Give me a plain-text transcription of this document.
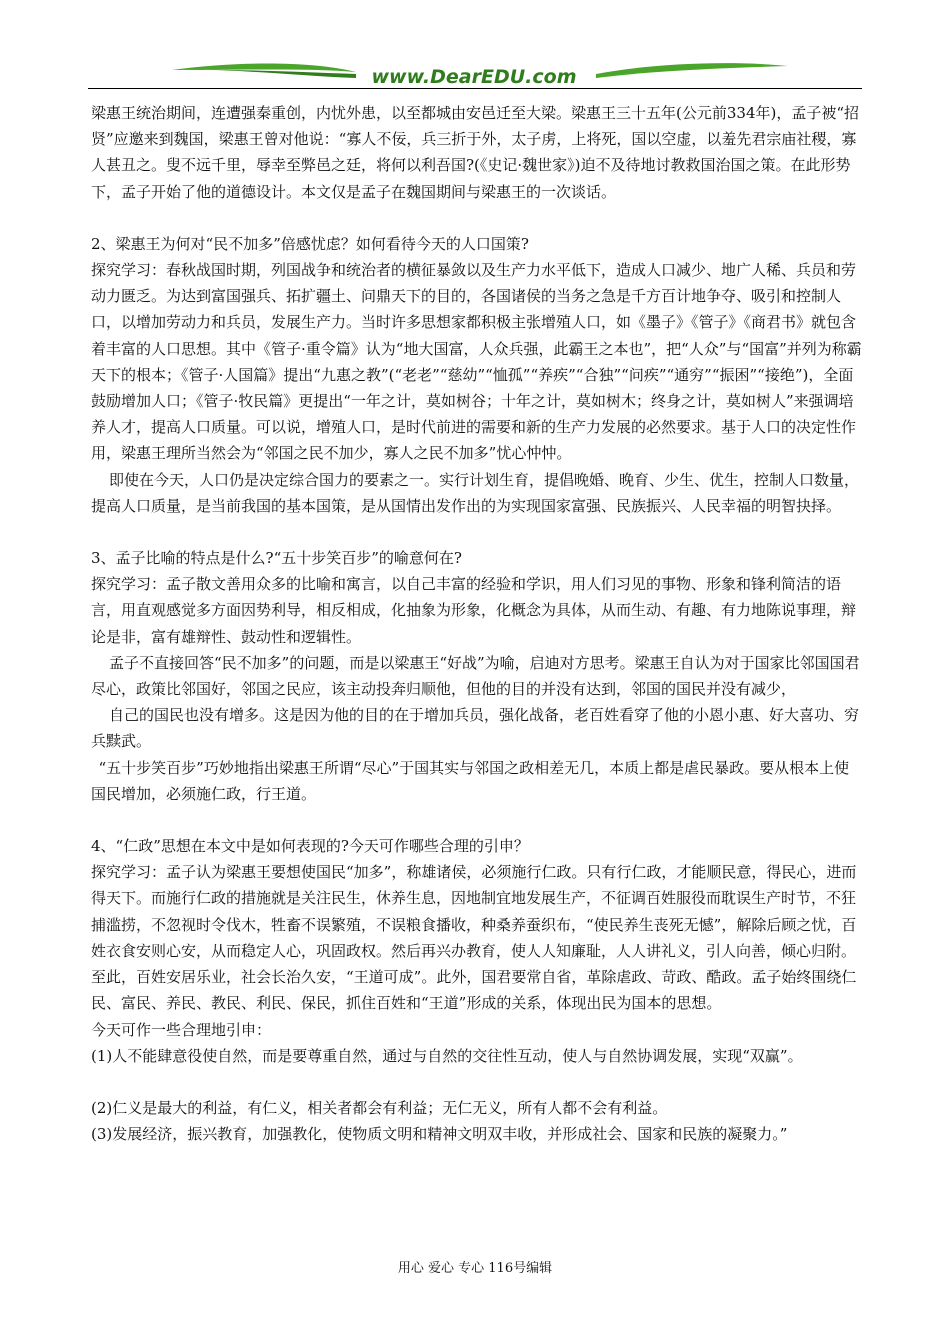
www.DearEDU.com

梁惠王统治期间，连遭强秦重创，内忧外患，以至都城由安邑迁至大梁。梁惠王三十五年(公元前334年)，孟子被“招贤”应邀来到魏国，梁惠王曾对他说：“寡人不佞，兵三折于外，太子虏，上将死，国以空虚，以羞先君宗庙社稷，寡人甚丑之。叟不远千里，辱幸至弊邑之廷，将何以利吾国?(《史记·魏世家》)迫不及待地讨教救国治国之策。在此形势下，孟子开始了他的道德设计。本文仅是孟子在魏国期间与梁惠王的一次谈话。

2、梁惠王为何对“民不加多”倍感忧虑？如何看待今天的人口国策?

探究学习：春秋战国时期，列国战争和统治者的横征暴敛以及生产力水平低下，造成人口减少、地广人稀、兵员和劳动力匮乏。为达到富国强兵、拓扩疆土、问鼎天下的目的，各国诸侯的当务之急是千方百计地争夺、吸引和控制人口，以增加劳动力和兵员，发展生产力。当时许多思想家都积极主张增殖人口，如《墨子》《管子》《商君书》就包含着丰富的人口思想。其中《管子·重令篇》认为“地大国富，人众兵强，此霸王之本也”，把“人众”与“国富”并列为称霸天下的根本；《管子·人国篇》提出“九惠之教”(“老老”“慈幼”“恤孤”“养疾”“合独”“问疾”“通穷”“振困”“接绝”)，全面鼓励增加人口；《管子·牧民篇》更提出“一年之计，莫如树谷；十年之计，莫如树木；终身之计，莫如树人”来强调培养人才，提高人口质量。可以说，增殖人口，是时代前进的需要和新的生产力发展的必然要求。基于人口的决定性作用，梁惠王理所当然会为“邻国之民不加少，寡人之民不加多”忧心忡忡。

即使在今天，人口仍是决定综合国力的要素之一。实行计划生育，提倡晚婚、晚育、少生、优生，控制人口数量，提高人口质量，是当前我国的基本国策，是从国情出发作出的为实现国家富强、民族振兴、人民幸福的明智抉择。

3、孟子比喻的特点是什么?“五十步笑百步”的喻意何在?

探究学习：孟子散文善用众多的比喻和寓言，以自己丰富的经验和学识，用人们习见的事物、形象和锋利简洁的语言，用直观感觉多方面因势利导，相反相成，化抽象为形象，化概念为具体，从而生动、有趣、有力地陈说事理，辩论是非，富有雄辩性、鼓动性和逻辑性。

孟子不直接回答“民不加多”的问题，而是以梁惠王“好战”为喻，启迪对方思考。梁惠王自认为对于国家比邻国国君尽心，政策比邻国好，邻国之民应，该主动投奔归顺他，但他的目的并没有达到，邻国的国民并没有减少，

自己的国民也没有增多。这是因为他的目的在于增加兵员，强化战备，老百姓看穿了他的小恩小惠、好大喜功、穷兵黩武。

“五十步笑百步”巧妙地指出梁惠王所谓“尽心”于国其实与邻国之政相差无几，本质上都是虐民暴政。要从根本上使国民增加，必须施仁政，行王道。

4、“仁政”思想在本文中是如何表现的?今天可作哪些合理的引申？

探究学习：孟子认为梁惠王要想使国民“加多”，称雄诸侯，必须施行仁政。只有行仁政，才能顺民意，得民心，进而得天下。而施行仁政的措施就是关注民生，休养生息，因地制宜地发展生产，不征调百姓服役而耽误生产时节，不狂捕滥捞，不忽视时令伐木，牲畜不误繁殖，不误粮食播收，种桑养蚕织布，“使民养生丧死无憾”，解除后顾之忧，百姓衣食安则心安，从而稳定人心，巩固政权。然后再兴办教育，使人人知廉耻，人人讲礼义，引人向善，倾心归附。至此，百姓安居乐业，社会长治久安，“王道可成”。此外，国君要常自省，革除虐政、苛政、酷政。孟子始终围绕仁民、富民、养民、教民、利民、保民，抓住百姓和“王道”形成的关系，体现出民为国本的思想。

今天可作一些合理地引申：

(1)人不能肆意役使自然，而是要尊重自然，通过与自然的交往性互动，使人与自然协调发展，实现“双赢”。

(2)仁义是最大的利益，有仁义，相关者都会有利益；无仁无义，所有人都不会有利益。

(3)发展经济，振兴教育，加强教化，使物质文明和精神文明双丰收，并形成社会、国家和民族的凝聚力。”

用心 爱心 专心 116号编辑
